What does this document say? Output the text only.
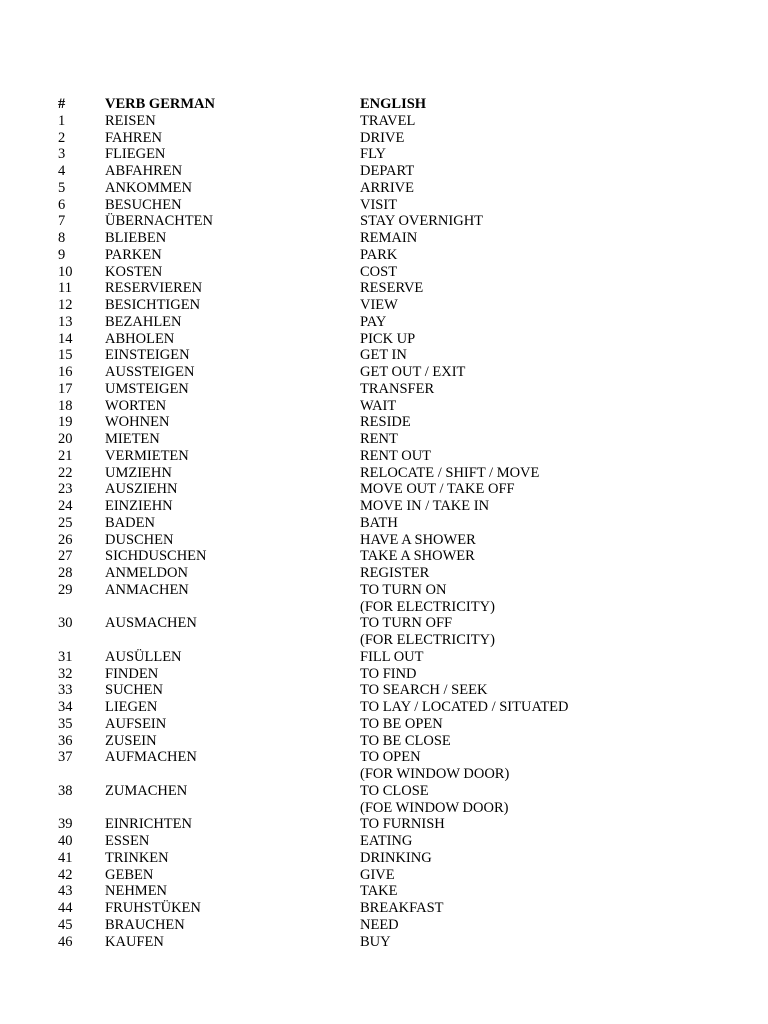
#	VERB GERMAN	ENGLISH
1	REISEN	TRAVEL
2	FAHREN	DRIVE
3	FLIEGEN	FLY
4	ABFAHREN	DEPART
5	ANKOMMEN	ARRIVE
6	BESUCHEN	VISIT
7	ÜBERNACHTEN	STAY OVERNIGHT
8	BLIEBEN	REMAIN
9	PARKEN	PARK
10 KOSTEN	COST
11 RESERVIEREN	RESERVE
12 BESICHTIGEN	VIEW
13 BEZAHLEN	PAY
14 ABHOLEN	PICK UP
15 EINSTEIGEN	GET IN
16 AUSSTEIGEN	GET OUT / EXIT
17 UMSTEIGEN	TRANSFER
18 WORTEN	WAIT
19 WOHNEN	RESIDE
20 MIETEN	RENT
21 VERMIETEN	RENT OUT
22 UMZIEHN	RELOCATE / SHIFT / MOVE
23 AUSZIEHN	MOVE OUT / TAKE OFF
24 EINZIEHN	MOVE IN / TAKE IN
25 BADEN	BATH
26 DUSCHEN	HAVE A SHOWER
27 SICHDUSCHEN	TAKE A SHOWER
28 ANMELDON	REGISTER
29 ANMACHEN	TO TURN ON
(FOR ELECTRICITY)
30 AUSMACHEN	TO TURN OFF
(FOR ELECTRICITY)
31 AUSÜLLEN	FILL OUT
32 FINDEN	TO FIND
33 SUCHEN	TO SEARCH / SEEK
34 LIEGEN	TO LAY / LOCATED / SITUATED
35 AUFSEIN	TO BE OPEN
36 ZUSEIN	TO BE CLOSE
37 AUFMACHEN	TO OPEN
(FOR WINDOW DOOR)
38 ZUMACHEN	TO CLOSE
(FOE WINDOW DOOR)
39 EINRICHTEN	TO FURNISH
40 ESSEN	EATING
41 TRINKEN	DRINKING
42 GEBEN	GIVE
43 NEHMEN	TAKE
44 FRUHSTÜKEN	BREAKFAST
45 BRAUCHEN	NEED
46 KAUFEN	BUY
